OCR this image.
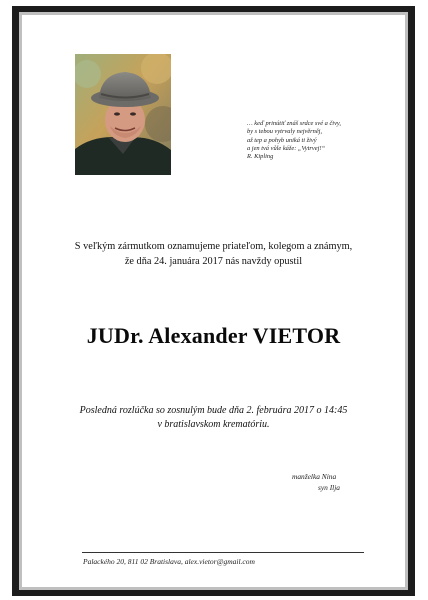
… keď prinútiť znáš srdce své a čivy,
by s tebou vytrvaly nejvěrněj,
až tep a pohyb uniká ti živý
a jen tvá vůle káže: „Vytrvej!“
R. Kipling
S veľkým zármutkom oznamujeme priateľom, kolegom a známym,
že dňa 24. januára 2017 nás navždy opustil
JUDr. Alexander VIETOR
Posledná rozlúčka so zosnulým bude dňa 2. februára 2017 o 14:45
v bratislavskom krematóriu.
manželka Nina
syn Ilja
Palackého 20, 811 02 Bratislava, alex.vietor@gmail.com
